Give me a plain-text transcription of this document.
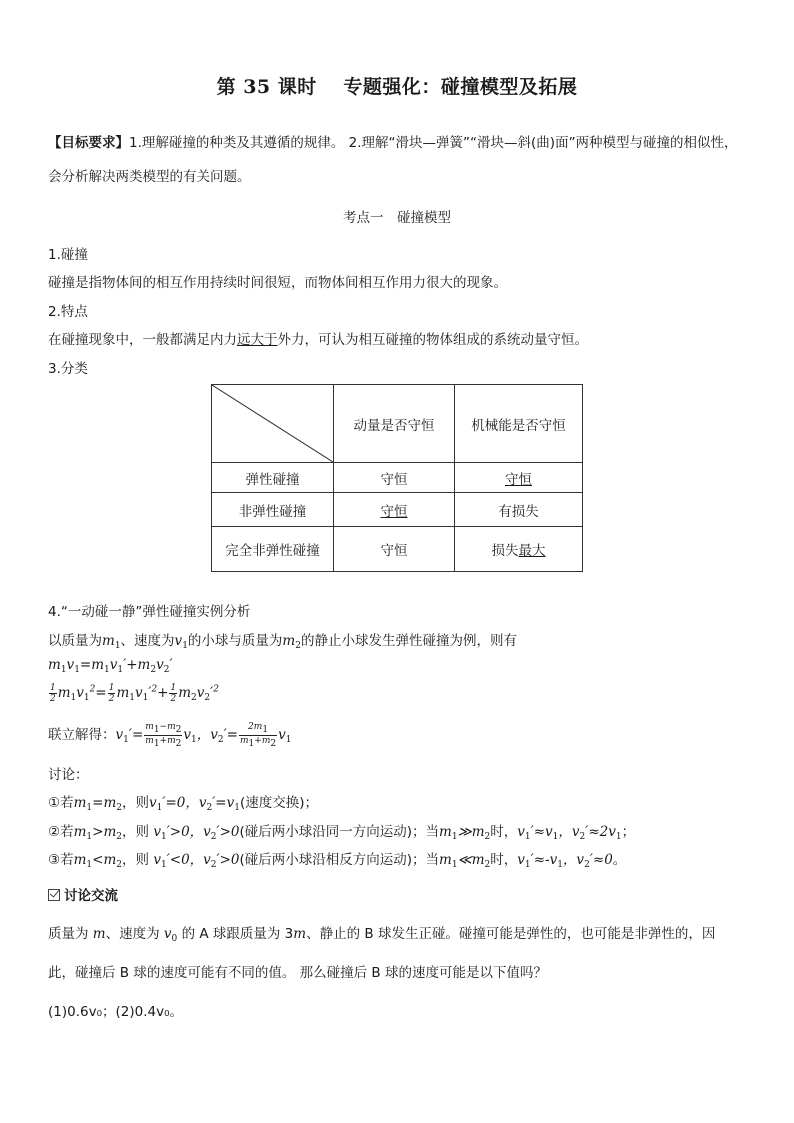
第 35 课时　 专题强化：碰撞模型及拓展
【目标要求】1.理解碰撞的种类及其遵循的规律。 2.理解“滑块—弹簧”“滑块—斜(曲)面”两种模型与碰撞的相似性，会分析解决两类模型的有关问题。
考点一　碰撞模型
1.碰撞
碰撞是指物体间的相互作用持续时间很短，而物体间相互作用力很大的现象。
2.特点
在碰撞现象中，一般都满足内力远大于外力，可认为相互碰撞的物体组成的系统动量守恒。
3.分类
	动量是否守恒	机械能是否守恒
弹性碰撞	守恒	守恒
非弹性碰撞	守恒	有损失
完全非弹性碰撞	守恒	损失最大
4.“一动碰一静”弹性碰撞实例分析
以质量为$m_1$、速度为$v_1$的小球与质量为$m_2$的静止小球发生弹性碰撞为例，则有
$m_1v_1=m_1v_1'+m_2v_2'$
$\frac{1}{2} m_1v_1^2= \frac{1}{2} m_1v_1'^2+ \frac{1}{2} m_2v_2'^2$
联立解得：$v_1'= \frac{m1-m2}{m1+m2} v_1$，$v_2'= \frac{2m1}{m1+m2} v_1$
讨论：
①若$m_1=m_2$，则$v_1'=0$，$v_2'=v_1$(速度交换)；
②若$m_1>m_2$，则 $v_1'>0$，$v_2'>0$(碰后两小球沿同一方向运动)；当$m_1≫m_2$时，$v_1'\approx v_1$，$v_2'\approx 2v_1$；
③若$m_1<m_2$，则 $v_1'<0$，$v_2'>0$(碰后两小球沿相反方向运动)；当$m_1≪m_2$时，$v_1'\approx-v_1$，$v_2'\approx 0$。
讨论交流
质量为 m、速度为 $v_0$ 的 A 球跟质量为 3m、静止的 B 球发生正碰。碰撞可能是弹性的，也可能是非弹性的，因
此，碰撞后 B 球的速度可能有不同的值。 那么碰撞后 B 球的速度可能是以下值吗？
(1)0.6v₀；(2)0.4v₀。
